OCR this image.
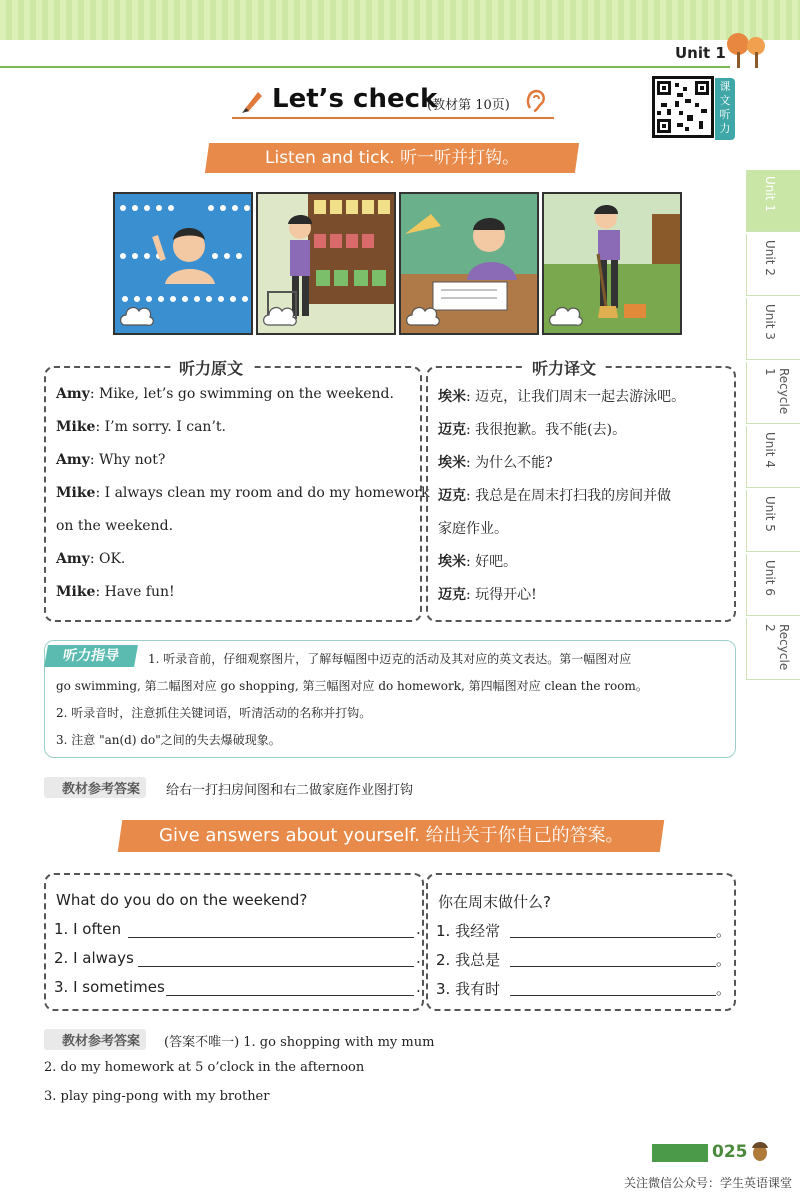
Unit 1
Let’s check
(教材第 10页)
课文听力
Unit 1
Unit 2
Unit 3
Recycle 1
Unit 4
Unit 5
Unit 6
Recycle 2
Listen and tick. 听一听并打钩。
听力原文
Amy: Mike, let’s go swimming on the weekend.
Mike: I’m sorry. I can’t.
Amy: Why not?
Mike: I always clean my room and do my homework
on the weekend.
Amy: OK.
Mike: Have fun!
听力译文
埃米: 迈克，让我们周末一起去游泳吧。
迈克: 我很抱歉。我不能(去)。
埃米: 为什么不能?
迈克: 我总是在周末打扫我的房间并做
家庭作业。
埃米: 好吧。
迈克: 玩得开心!
听力指导	1. 听录音前，仔细观察图片，了解每幅图中迈克的活动及其对应的英文表达。第一幅图对应
go swimming, 第二幅图对应 go shopping, 第三幅图对应 do homework, 第四幅图对应 clean the room。
2. 听录音时，注意抓住关键词语，听清活动的名称并打钩。
3. 注意 "an(d) do"之间的失去爆破现象。
教材参考答案	给右一打扫房间图和右二做家庭作业图打钩
Give answers about yourself. 给出关于你自己的答案。
What do you do on the weekend?
1. I often	.
2. I always	.
3. I sometimes	.
你在周末做什么?
1. 我经常	。
2. 我总是	。
3. 我有时	。
教材参考答案	(答案不唯一) 1. go shopping with my mum
2. do my homework at 5 o’clock in the afternoon
3. play ping-pong with my brother
025
关注微信公众号：学生英语课堂
